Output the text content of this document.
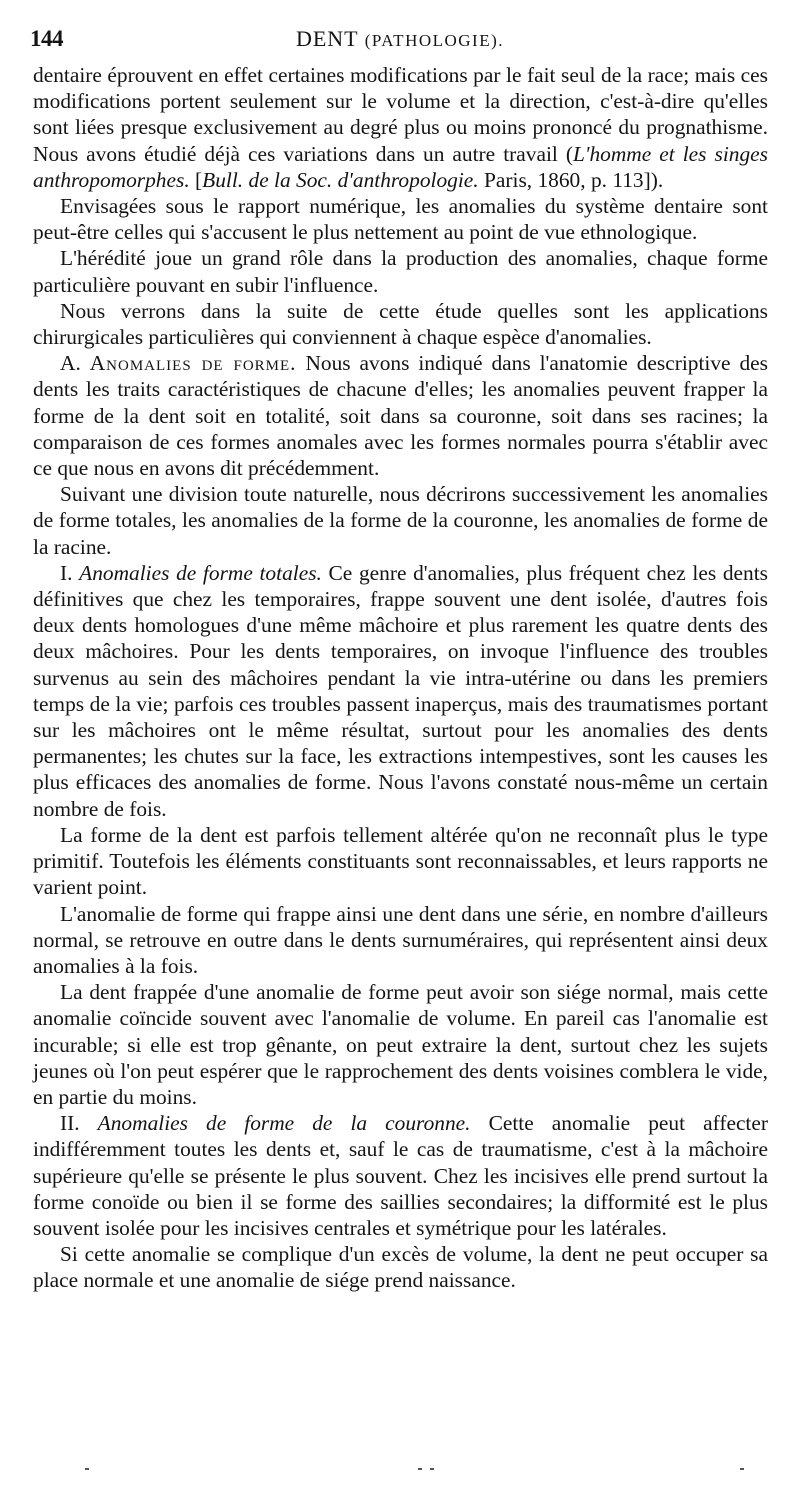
144	DENT (PATHOLOGIE).

dentaire éprouvent en effet certaines modifications par le fait seul de la race; mais ces modifications portent seulement sur le volume et la direction, c'est-à-dire qu'elles sont liées presque exclusivement au degré plus ou moins prononcé du prognathisme. Nous avons étudié déjà ces variations dans un autre travail (L'homme et les singes anthropomorphes. [Bull. de la Soc. d'anthropologie. Paris, 1860, p. 113]).

Envisagées sous le rapport numérique, les anomalies du système dentaire sont peut-être celles qui s'accusent le plus nettement au point de vue ethnologique.

L'hérédité joue un grand rôle dans la production des anomalies, chaque forme particulière pouvant en subir l'influence.

Nous verrons dans la suite de cette étude quelles sont les applications chirurgicales particulières qui conviennent à chaque espèce d'anomalies.

A. Anomalies de forme. Nous avons indiqué dans l'anatomie descriptive des dents les traits caractéristiques de chacune d'elles; les anomalies peuvent frapper la forme de la dent soit en totalité, soit dans sa couronne, soit dans ses racines; la comparaison de ces formes anomales avec les formes normales pourra s'établir avec ce que nous en avons dit précédemment.

Suivant une division toute naturelle, nous décrirons successivement les anomalies de forme totales, les anomalies de la forme de la couronne, les anomalies de forme de la racine.

I. Anomalies de forme totales. Ce genre d'anomalies, plus fréquent chez les dents définitives que chez les temporaires, frappe souvent une dent isolée, d'autres fois deux dents homologues d'une même mâchoire et plus rarement les quatre dents des deux mâchoires. Pour les dents temporaires, on invoque l'influence des troubles survenus au sein des mâchoires pendant la vie intra-utérine ou dans les premiers temps de la vie; parfois ces troubles passent inaperçus, mais des traumatismes portant sur les mâchoires ont le même résultat, surtout pour les anomalies des dents permanentes; les chutes sur la face, les extractions intempestives, sont les causes les plus efficaces des anomalies de forme. Nous l'avons constaté nous-même un certain nombre de fois.

La forme de la dent est parfois tellement altérée qu'on ne reconnaît plus le type primitif. Toutefois les éléments constituants sont reconnaissables, et leurs rapports ne varient point.

L'anomalie de forme qui frappe ainsi une dent dans une série, en nombre d'ailleurs normal, se retrouve en outre dans le dents surnuméraires, qui représentent ainsi deux anomalies à la fois.

La dent frappée d'une anomalie de forme peut avoir son siége normal, mais cette anomalie coïncide souvent avec l'anomalie de volume. En pareil cas l'anomalie est incurable; si elle est trop gênante, on peut extraire la dent, surtout chez les sujets jeunes où l'on peut espérer que le rapprochement des dents voisines comblera le vide, en partie du moins.

II. Anomalies de forme de la couronne. Cette anomalie peut affecter indifféremment toutes les dents et, sauf le cas de traumatisme, c'est à la mâchoire supérieure qu'elle se présente le plus souvent. Chez les incisives elle prend surtout la forme conoïde ou bien il se forme des saillies secondaires; la difformité est le plus souvent isolée pour les incisives centrales et symétrique pour les latérales.

Si cette anomalie se complique d'un excès de volume, la dent ne peut occuper sa place normale et une anomalie de siége prend naissance.
